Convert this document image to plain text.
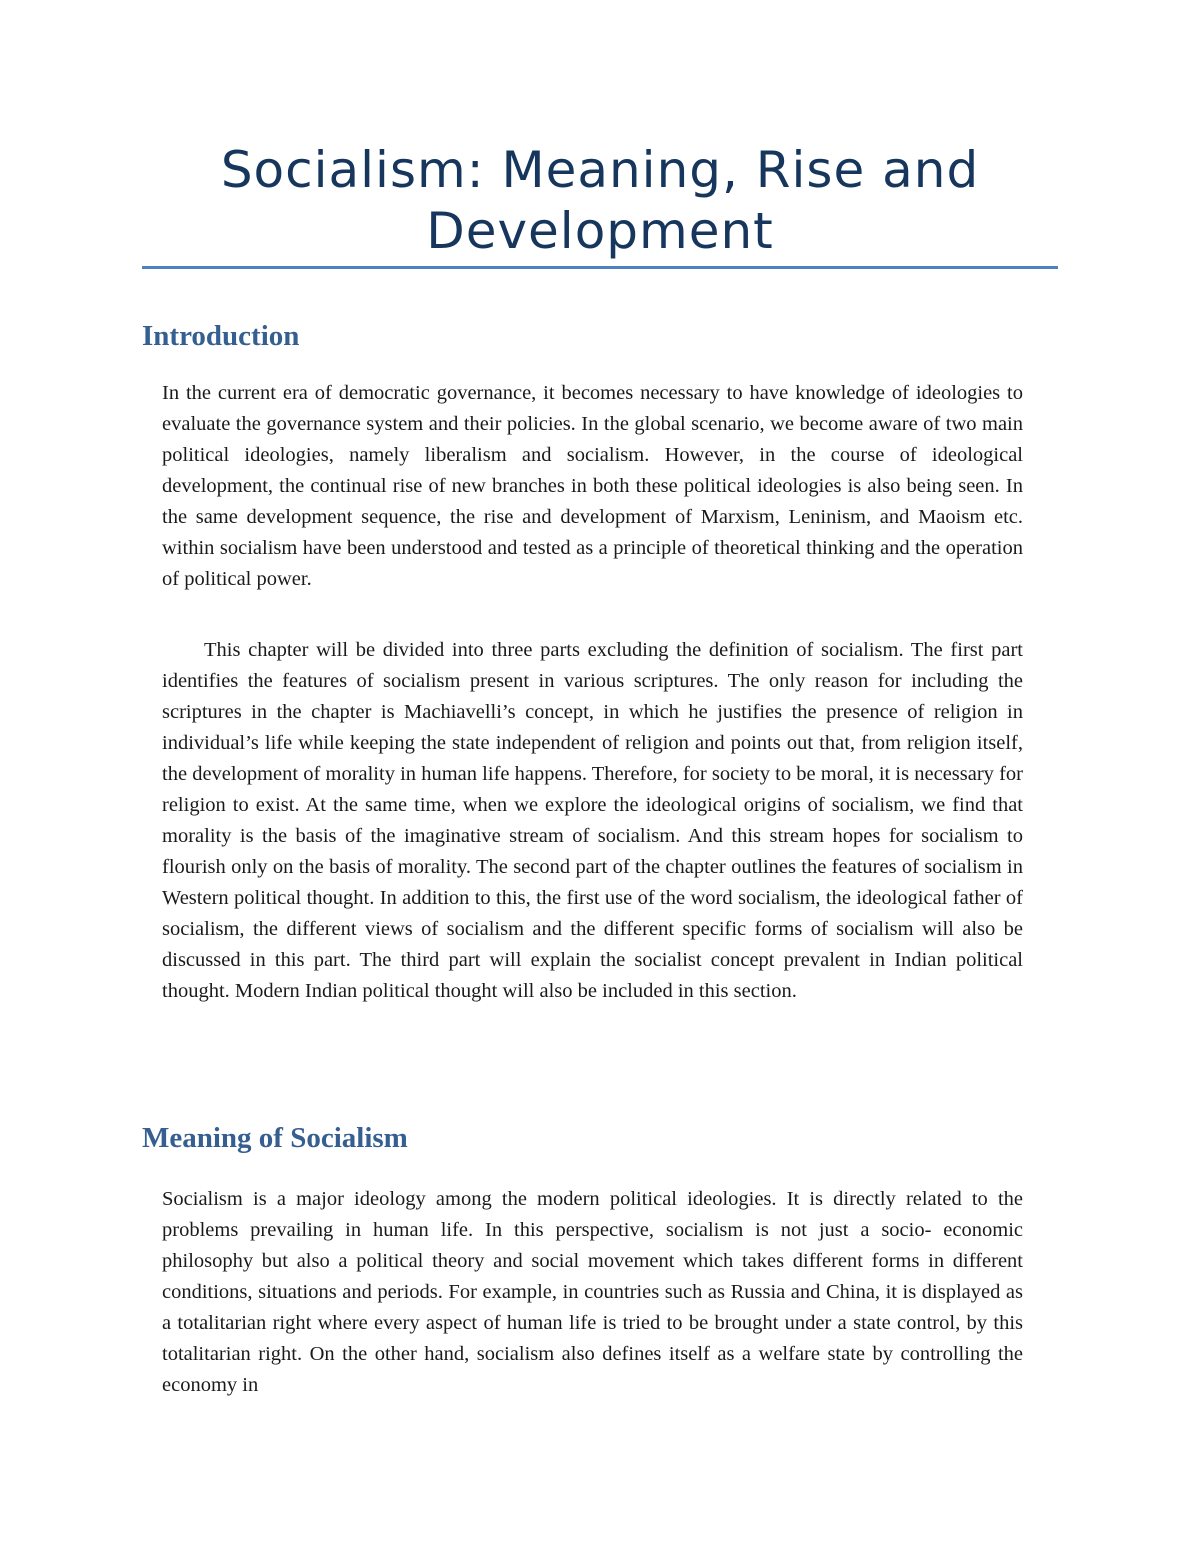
Socialism: Meaning, Rise and Development
Introduction

In the current era of democratic governance, it becomes necessary to have knowledge of ideologies to evaluate the governance system and their policies. In the global scenario, we become aware of two main political ideologies, namely liberalism and socialism. However, in the course of ideological development, the continual rise of new branches in both these political ideologies is also being seen. In the same development sequence, the rise and development of Marxism, Leninism, and Maoism etc. within socialism have been understood and tested as a principle of theoretical thinking and the operation of political power.

This chapter will be divided into three parts excluding the definition of socialism. The first part identifies the features of socialism present in various scriptures. The only reason for including the scriptures in the chapter is Machiavelli’s concept, in which he justifies the presence of religion in individual’s life while keeping the state independent of religion and points out that, from religion itself, the development of morality in human life happens. Therefore, for society to be moral, it is necessary for religion to exist. At the same time, when we explore the ideological origins of socialism, we find that morality is the basis of the imaginative stream of socialism. And this stream hopes for socialism to flourish only on the basis of morality. The second part of the chapter outlines the features of socialism in Western political thought. In addition to this, the first use of the word socialism, the ideological father of socialism, the different views of socialism and the different specific forms of socialism will also be discussed in this part. The third part will explain the socialist concept prevalent in Indian political thought. Modern Indian political thought will also be included in this section.

Meaning of Socialism

Socialism is a major ideology among the modern political ideologies. It is directly related to the problems prevailing in human life. In this perspective, socialism is not just a socio- economic philosophy but also a political theory and social movement which takes different forms in different conditions, situations and periods. For example, in countries such as Russia and China, it is displayed as a totalitarian right where every aspect of human life is tried to be brought under a state control, by this totalitarian right. On the other hand, socialism also defines itself as a welfare state by controlling the economy in
